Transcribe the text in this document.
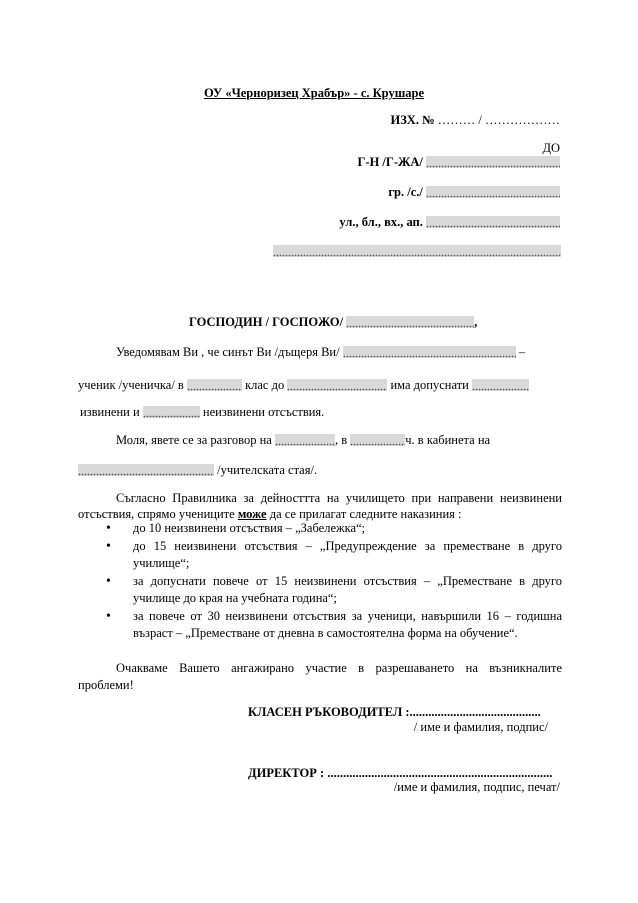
ОУ «Черноризец Храбър» - с. Крушаре
ИЗХ. № ……… / ………………
ДО
Г-Н /Г-ЖА/
гр. /с./
ул., бл., вх., ап.
ГОСПОДИН / ГОСПОЖО/	,
Уведомявам Ви , че синът Ви /дъщеря Ви/	–
ученик /ученичка/ в	клас до	има допуснати
извинени и	неизвинени отсъствия.
Моля, явете се за разговор на	, в	ч. в кабинета на
/учителската стая/.
Съгласно Правилника за дейносттта на училището при направени неизвинени отсъствия, спрямо учениците може да се прилагат следните наказиния :
• до 10 неизвинени отсъствия – „Забележка“;
• до 15 неизвинени отсъствия – „Предупреждение за преместване в друго училище“;
• за допуснати повече от 15 неизвинени отсъствия – „Преместване в друго училище до края на учебната година“;
• за повече от 30 неизвинени отсъствия за ученици, навършили 16 – годишна възраст – „Преместване от дневна в самостоятелна форма на обучение“.
Очакваме Вашето ангажирано участие в разрешаването на възникналите проблеми!
КЛАСЕН РЪКОВОДИТЕЛ :..........................................
/ име и фамилия, подпис/
ДИРЕКТОР : ........................................................................
/име и фамилия, подпис, печат/
